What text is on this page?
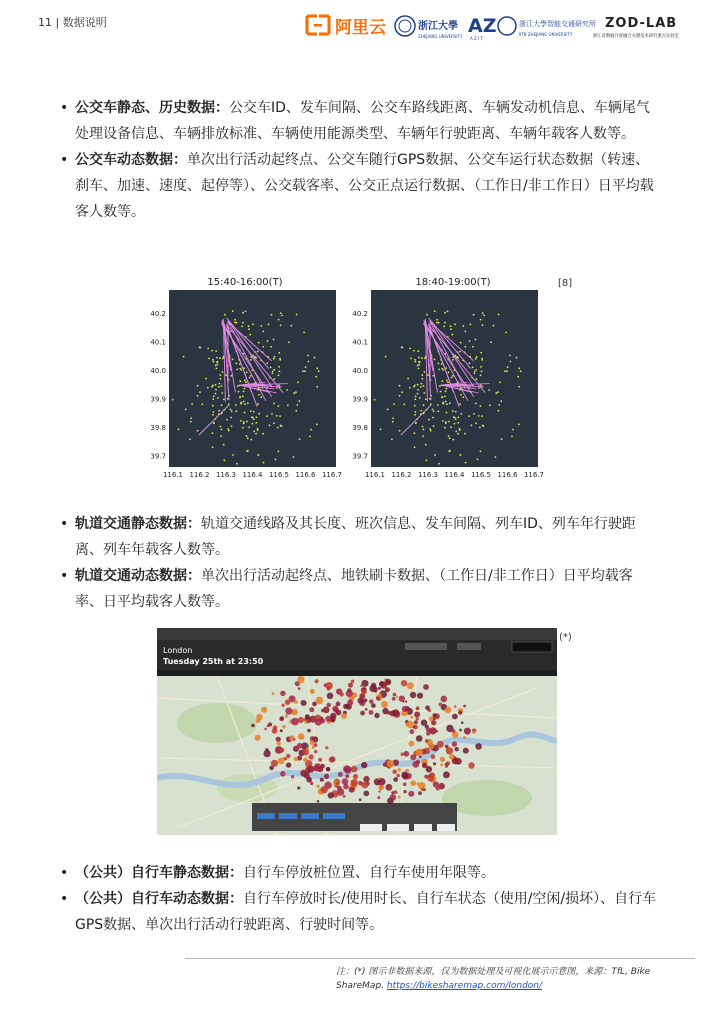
11 | 数据说明	阿里云	浙江大學
ZHEJIANG UNIVERSITY AZ
A Z I T
浙江大學智能交通研究所
IITB ZHEJIANG UNIVERSITY
ZOD-LAB
浙江省数据开放融合关键技术研究重点实验室
• 公交车静态、历史数据：公交车ID、发车间隔、公交车路线距离、车辆发动机信息、车辆尾气处理设备信息、车辆排放标准、车辆使用能源类型、车辆年行驶距离、车辆年载客人数等。
• 公交车动态数据：单次出行活动起终点、公交车随行GPS数据、公交车运行状态数据（转速、刹车、加速、速度、起停等）、公交载客率、公交正点运行数据、（工作日/非工作日）日平均载客人数等。
[8]
15:40-16:00(T)
40.2
40.1
40.0
39.9
39.8
39.7
116.1 116.2 116.3 116.4 116.5 116.6 116.7
18:40-19:00(T)
40.2
40.1
40.0
39.9
39.8
39.7
116.1 116.2 116.3 116.4 116.5 116.6 116.7
• 轨道交通静态数据：轨道交通线路及其长度、班次信息、发车间隔、列车ID、列车年行驶距离、列车年载客人数等。
• 轨道交通动态数据：单次出行活动起终点、地铁刷卡数据、（工作日/非工作日）日平均载客率、日平均载客人数等。
London
Tuesday 25th at 23:50
(*)
• （公共）自行车静态数据：自行车停放桩位置、自行车使用年限等。
• （公共）自行车动态数据：自行车停放时长/使用时长、自行车状态（使用/空闲/损坏）、自行车GPS数据、单次出行活动行驶距离、行驶时间等。
注：(*) 图示非数据来源，仅为数据处理及可视化展示示意图，来源：TfL, Bike ShareMap. https://bikesharemap.com/london/
